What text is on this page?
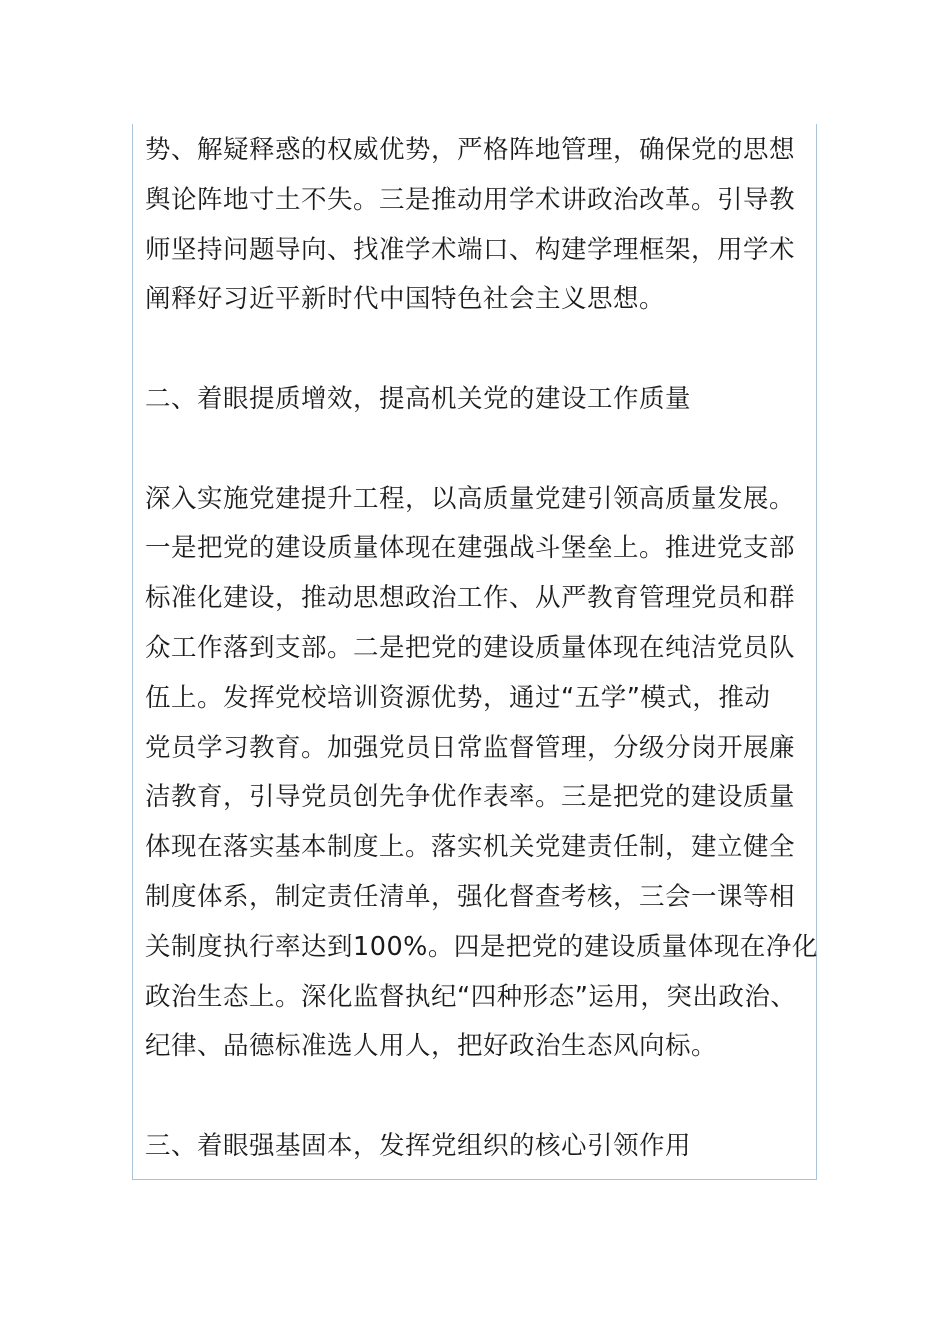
势、解疑释惑的权威优势，严格阵地管理，确保党的思想
舆论阵地寸土不失。三是推动用学术讲政治改革。引导教
师坚持问题导向、找准学术端口、构建学理框架，用学术
阐释好习近平新时代中国特色社会主义思想。
二、着眼提质增效，提高机关党的建设工作质量
深入实施党建提升工程，以高质量党建引领高质量发展。
一是把党的建设质量体现在建强战斗堡垒上。推进党支部
标准化建设，推动思想政治工作、从严教育管理党员和群
众工作落到支部。二是把党的建设质量体现在纯洁党员队
伍上。发挥党校培训资源优势，通过“五学”模式，推动
党员学习教育。加强党员日常监督管理，分级分岗开展廉
洁教育，引导党员创先争优作表率。三是把党的建设质量
体现在落实基本制度上。落实机关党建责任制，建立健全
制度体系，制定责任清单，强化督查考核，三会一课等相
关制度执行率达到100%。四是把党的建设质量体现在净化
政治生态上。深化监督执纪“四种形态”运用，突出政治、
纪律、品德标准选人用人，把好政治生态风向标。
三、着眼强基固本，发挥党组织的核心引领作用
